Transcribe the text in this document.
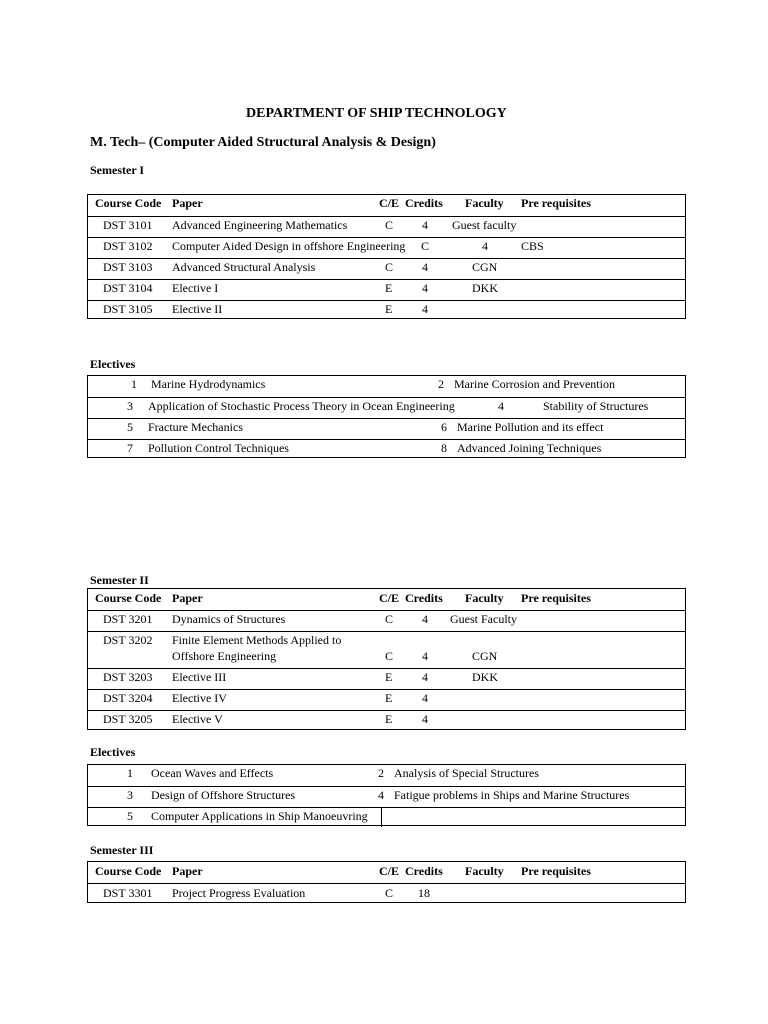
DEPARTMENT OF SHIP TECHNOLOGY
M. Tech– (Computer Aided Structural Analysis & Design)
Semester I
Course Code Paper	C/E Credits Faculty Pre requisites
DST 3101 Advanced Engineering Mathematics	C 4 Guest faculty
DST 3102 Computer Aided Design in offshore Engineering C	4	CBS
DST 3103 Advanced Structural Analysis	C 4	CGN
DST 3104 Elective I	E 4	DKK
DST 3105 Elective II	E 4
Electives
1 Marine Hydrodynamics	2 Marine Corrosion and Prevention
3 Application of Stochastic Process Theory in Ocean Engineering	4	Stability of Structures
5 Fracture Mechanics	6 Marine Pollution and its effect
7 Pollution Control Techniques	8 Advanced Joining Techniques
Semester II
Course Code Paper	C/E Credits Faculty Pre requisites
DST 3201 Dynamics of Structures	C 4 Guest Faculty
DST 3202 Finite Element Methods Applied to
Offshore Engineering	C 4	CGN
DST 3203 Elective III	E 4	DKK
DST 3204 Elective IV	E 4
DST 3205 Elective V	E 4
Electives
1 Ocean Waves and Effects	2 Analysis of Special Structures
3 Design of Offshore Structures	4 Fatigue problems in Ships and Marine Structures
5 Computer Applications in Ship Manoeuvring
Semester III
Course Code Paper	C/E Credits Faculty Pre requisites
DST 3301 Project Progress Evaluation	C 18
